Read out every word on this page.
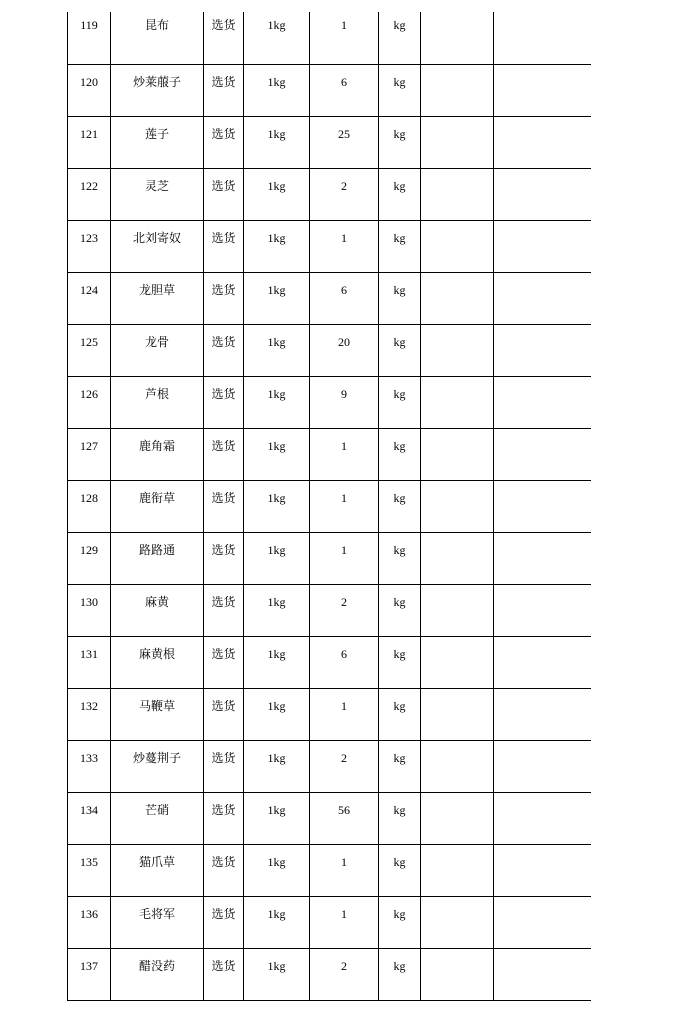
119	昆布	选货	1kg	1	kg		

120	炒莱菔子	选货	1kg	6	kg		

121	莲子	选货	1kg	25	kg		

122	灵芝	选货	1kg	2	kg		

123	北刘寄奴	选货	1kg	1	kg		

124	龙胆草	选货	1kg	6	kg		

125	龙骨	选货	1kg	20	kg		

126	芦根	选货	1kg	9	kg		

127	鹿角霜	选货	1kg	1	kg		

128	鹿衔草	选货	1kg	1	kg		

129	路路通	选货	1kg	1	kg		

130	麻黄	选货	1kg	2	kg		

131	麻黄根	选货	1kg	6	kg		

132	马鞭草	选货	1kg	1	kg		

133	炒蔓荆子	选货	1kg	2	kg		

134	芒硝	选货	1kg	56	kg		

135	猫爪草	选货	1kg	1	kg		

136	毛将军	选货	1kg	1	kg		

137	醋没药	选货	1kg	2	kg		
